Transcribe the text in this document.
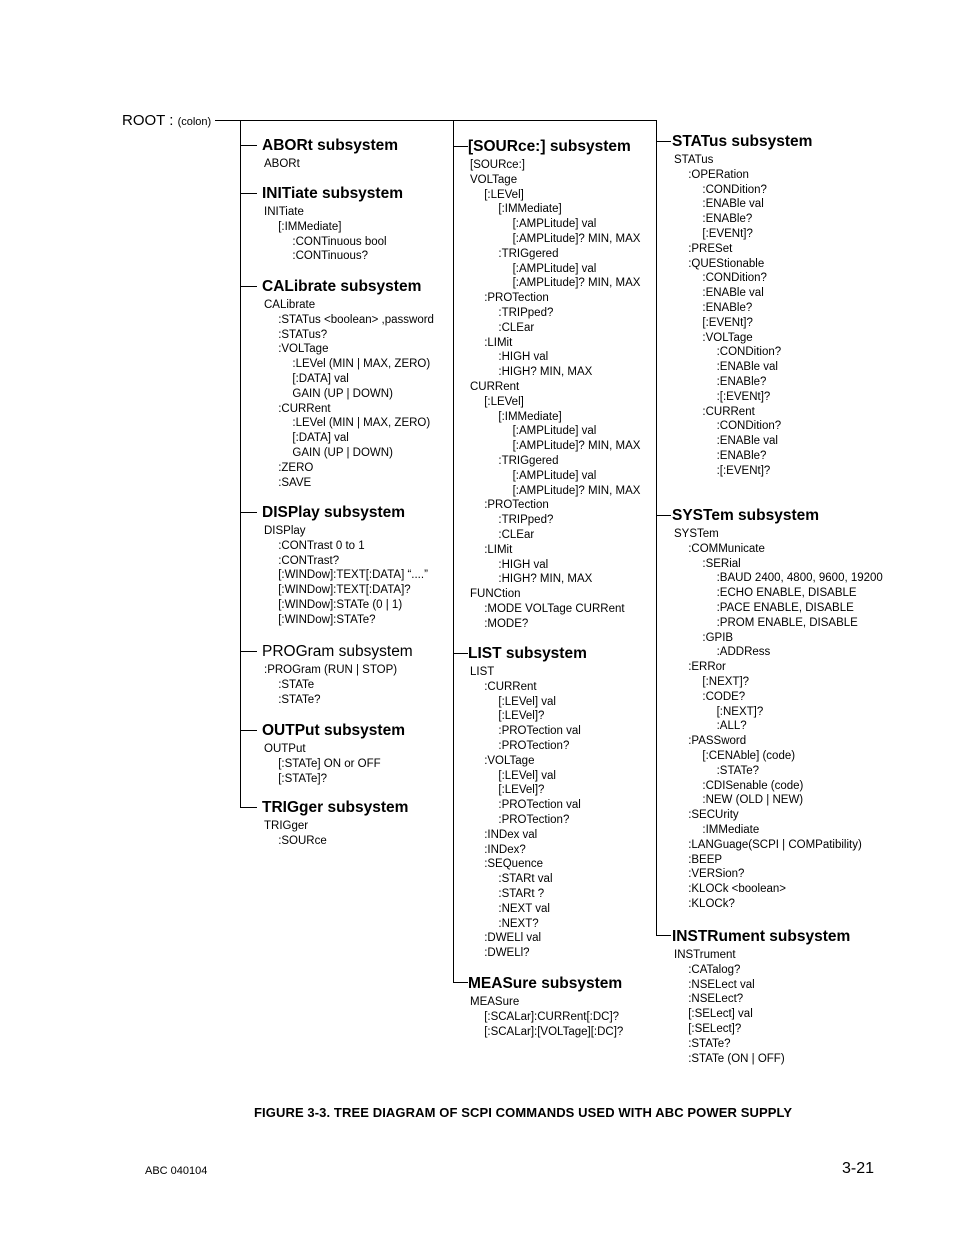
ROOT : (colon)
ABORt subsystem
ABORt
INITiate subsystem
INITiate
[:IMMediate]
:CONTinuous bool
:CONTinuous?
CALibrate subsystem
CALibrate
:STATus <boolean> ,password
:STATus?
:VOLTage
:LEVel (MIN | MAX, ZERO)
[:DATA] val
GAIN (UP | DOWN)
:CURRent
:LEVel (MIN | MAX, ZERO)
[:DATA] val
GAIN (UP | DOWN)
:ZERO
:SAVE
DISPlay subsystem
DISPlay
:CONTrast 0 to 1
:CONTrast?
[:WINDow]:TEXT[:DATA] “....”
[:WINDow]:TEXT[:DATA]?
[:WINDow]:STATe (0 | 1)
[:WINDow]:STATe?
PROGram subsystem
:PROGram (RUN | STOP)
:STATe
:STATe?
OUTPut subsystem
OUTPut
[:STATe] ON or OFF
[:STATe]?
TRIGger subsystem
TRIGger
:SOURce
[SOURce:] subsystem
[SOURce:]
VOLTage
[:LEVel]
[:IMMediate]
[:AMPLitude] val
[:AMPLitude]? MIN, MAX
:TRIGgered
[:AMPLitude] val
[:AMPLitude]? MIN, MAX
:PROTection
:TRIPped?
:CLEar
:LIMit
:HIGH val
:HIGH? MIN, MAX
CURRent
[:LEVel]
[:IMMediate]
[:AMPLitude] val
[:AMPLitude]? MIN, MAX
:TRIGgered
[:AMPLitude] val
[:AMPLitude]? MIN, MAX
:PROTection
:TRIPped?
:CLEar
:LIMit
:HIGH val
:HIGH? MIN, MAX
FUNCtion
:MODE VOLTage CURRent
:MODE?
LIST subsystem
LIST
:CURRent
[:LEVel] val
[:LEVel]?
:PROTection val
:PROTection?
:VOLTage
[:LEVel] val
[:LEVel]?
:PROTection val
:PROTection?
:INDex val
:INDex?
:SEQuence
:STARt val
:STARt ?
:NEXT val
:NEXT?
:DWELl val
:DWELl?
MEASure subsystem
MEASure
[:SCALar]:CURRent[:DC]?
[:SCALar]:[VOLTage][:DC]?
STATus subsystem
STATus
:OPERation
:CONDition?
:ENABle val
:ENABle?
[:EVENt]?
:PRESet
:QUEStionable
:CONDition?
:ENABle val
:ENABle?
[:EVENt]?
:VOLTage
:CONDition?
:ENABle val
:ENABle?
:[:EVENt]?
:CURRent
:CONDition?
:ENABle val
:ENABle?
:[:EVENt]?
SYSTem subsystem
SYSTem
:COMMunicate
:SERial
:BAUD 2400, 4800, 9600, 19200
:ECHO ENABLE, DISABLE
:PACE ENABLE, DISABLE
:PROM ENABLE, DISABLE
:GPIB
:ADDRess
:ERRor
[:NEXT]?
:CODE?
[:NEXT]?
:ALL?
:PASSword
[:CENAble] (code)
:STATe?
:CDISenable (code)
:NEW (OLD | NEW)
:SECUrity
:IMMediate
:LANGuage(SCPI | COMPatibility)
:BEEP
:VERSion?
:KLOCk <boolean>
:KLOCk?
INSTRument subsystem
INSTrument
:CATalog?
:NSELect val
:NSELect?
[:SELect] val
[:SELect]?
:STATe?
:STATe (ON | OFF)
FIGURE 3-3. TREE DIAGRAM OF SCPI COMMANDS USED WITH ABC POWER SUPPLY
ABC 040104	3-21
